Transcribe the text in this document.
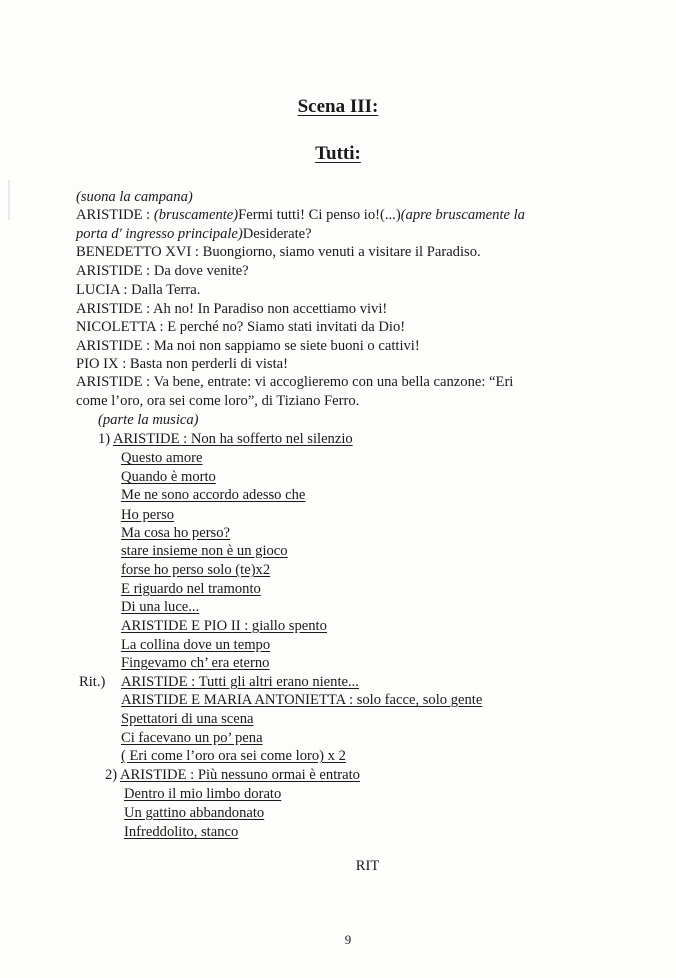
Scena III:
Tutti:
(suona la campana)
ARISTIDE : (bruscamente)Fermi tutti! Ci penso io!(...)(apre bruscamente la
porta d' ingresso principale)Desiderate?
BENEDETTO XVI : Buongiorno, siamo venuti a visitare il Paradiso.
ARISTIDE : Da dove venite?
LUCIA : Dalla Terra.
ARISTIDE : Ah no! In Paradiso non accettiamo vivi!
NICOLETTA : E perché no? Siamo stati invitati da Dio!
ARISTIDE : Ma noi non sappiamo se siete buoni o cattivi!
PIO IX : Basta non perderli di vista!
ARISTIDE : Va bene, entrate: vi accoglieremo con una bella canzone: “Eri
come l’oro, ora sei come loro”, di Tiziano Ferro.
(parte la musica)
1) ARISTIDE : Non ha sofferto nel silenzio
Questo amore
Quando è morto
Me ne sono accordo adesso che
Ho perso
Ma cosa ho perso?
stare insieme non è un gioco
forse ho perso solo (te)x2
E riguardo nel tramonto
Di una luce...
ARISTIDE E PIO II : giallo spento
La collina dove un tempo
Fingevamo ch’ era eterno
Rit.) ARISTIDE : Tutti gli altri erano niente...
ARISTIDE E MARIA ANTONIETTA : solo facce, solo gente
Spettatori di una scena
Ci facevano un po’ pena
( Eri come l’oro ora sei come loro) x 2
2) ARISTIDE : Più nessuno ormai è entrato
Dentro il mio limbo dorato
Un gattino abbandonato
Infreddolito, stanco
RIT
9
